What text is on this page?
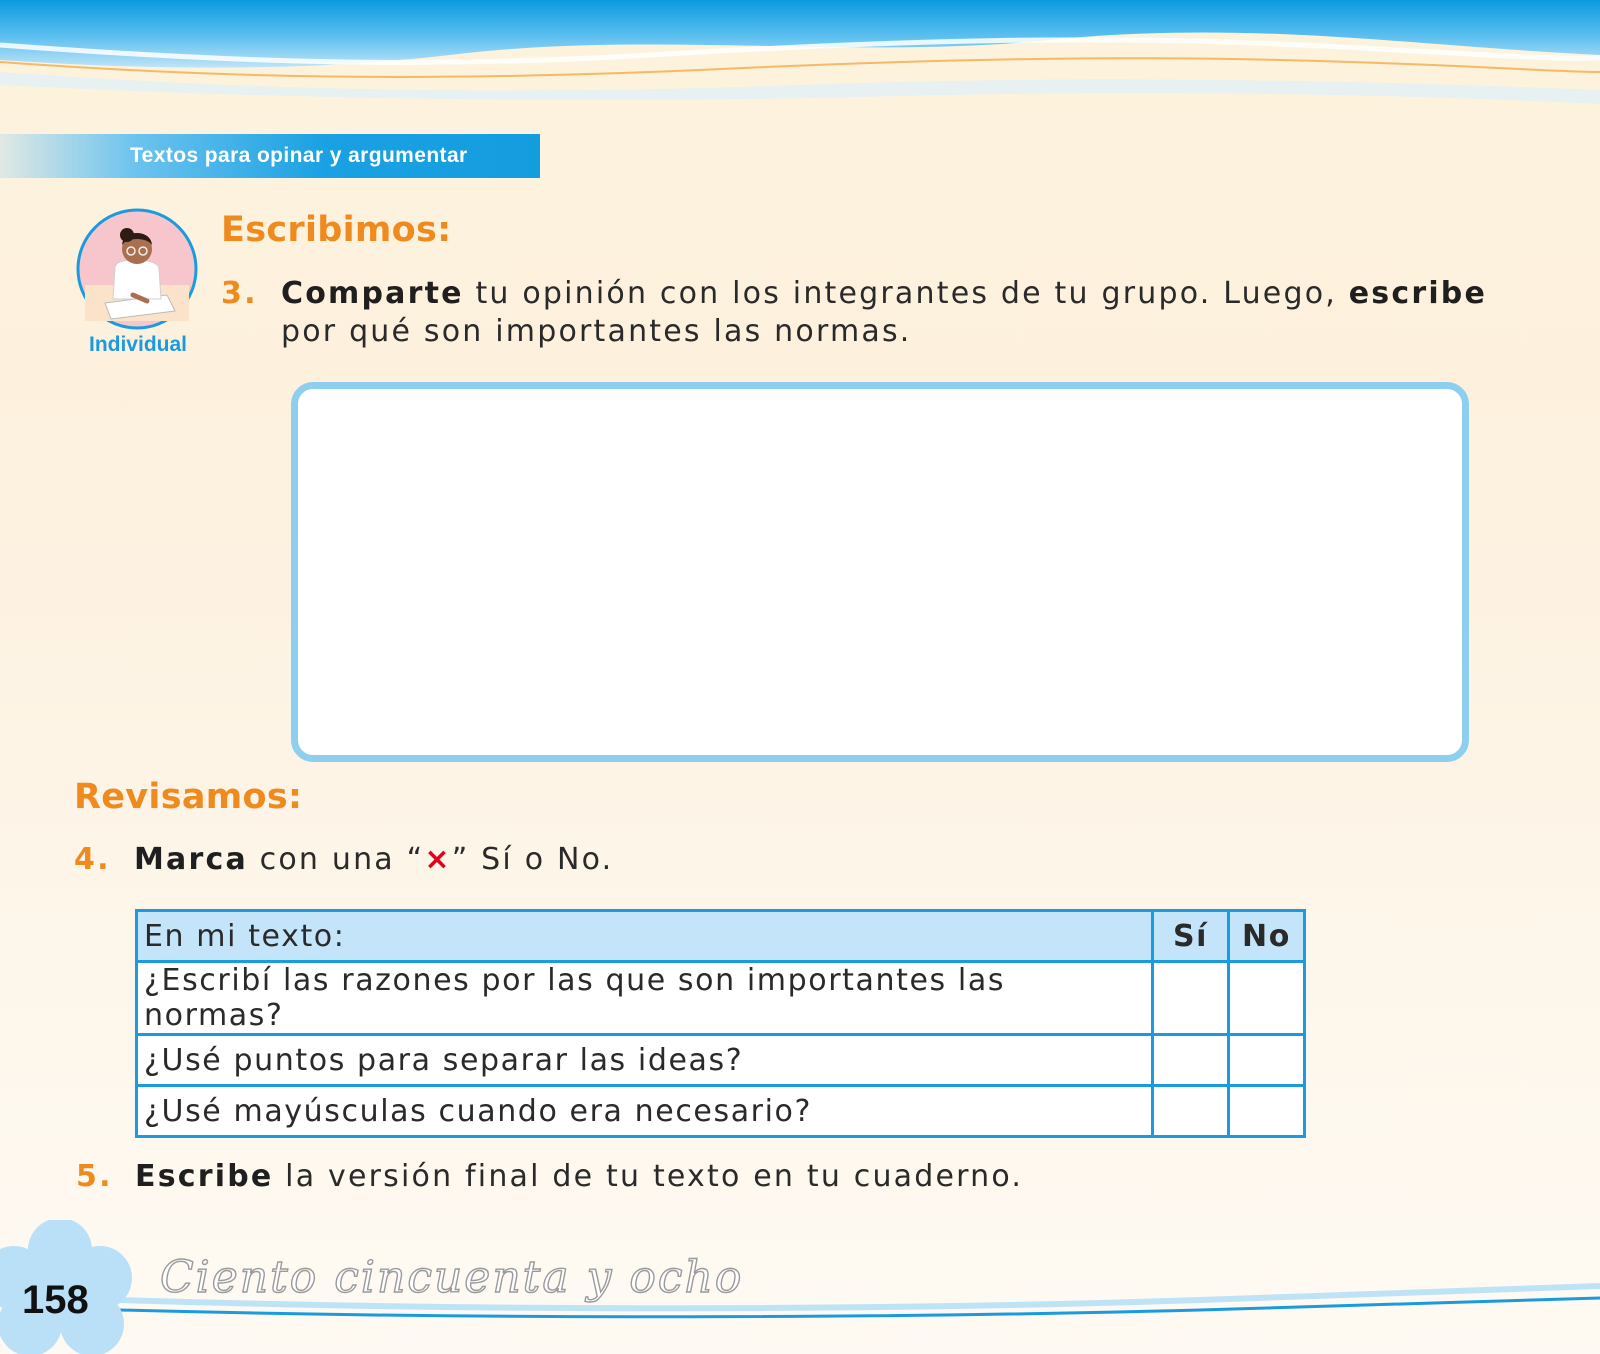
Textos para opinar y argumentar
Individual
Escribimos:
3. Comparte tu opinión con los integrantes de tu grupo. Luego, escribe
por qué son importantes las normas.
Revisamos:
4. Marca con una “×” Sí o No.
En mi texto:	Sí	No
¿Escribí las razones por las que son importantes las normas?		
¿Usé puntos para separar las ideas?		
¿Usé mayúsculas cuando era necesario?		
5. Escribe la versión final de tu texto en tu cuaderno.
158 Ciento cincuenta y ocho
